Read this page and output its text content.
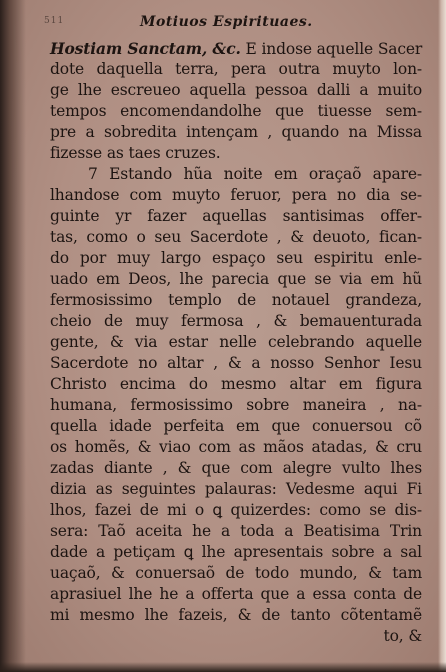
511	Motiuos Espirituaes.
Hostiam Sanctam, &c. E indose aquelle Sacer
dote daquella terra, pera outra muyto lon-
ge lhe escreueo aquella pessoa dalli a muito
tempos encomendandolhe que tiuesse sem-
pre a sobredita intençam , quando na Missa
fizesse as taes cruzes.
7 Estando hũa noite em oraçaõ apare-
lhandose com muyto feruor, pera no dia se-
guinte yr fazer aquellas santisimas offer-
tas, como o seu Sacerdote , & deuoto, fican-
do por muy largo espaço seu espiritu enle-
uado em Deos, lhe parecia que se via em hũ
fermosissimo templo de notauel grandeza,
cheio de muy fermosa , & bemauenturada
gente, & via estar nelle celebrando aquelle
Sacerdote no altar , & a nosso Senhor Iesu
Christo encima do mesmo altar em figura
humana, fermosissimo sobre maneira , na-
quella idade perfeita em que conuersou cõ
os homẽs, & viao com as mãos atadas, & cru
zadas diante , & que com alegre vulto lhes
dizia as seguintes palauras: Vedesme aqui Fi
lhos, fazei de mi o ꝗ quizerdes: como se dis-
sera: Taõ aceita he a toda a Beatisima Trin
dade a petiçam ꝗ lhe apresentais sobre a sal
uaçaõ, & conuersaõ de todo mundo, & tam
aprasiuel lhe he a offerta que a essa conta de
mi mesmo lhe fazeis, & de tanto cõtentamẽ
to, &
